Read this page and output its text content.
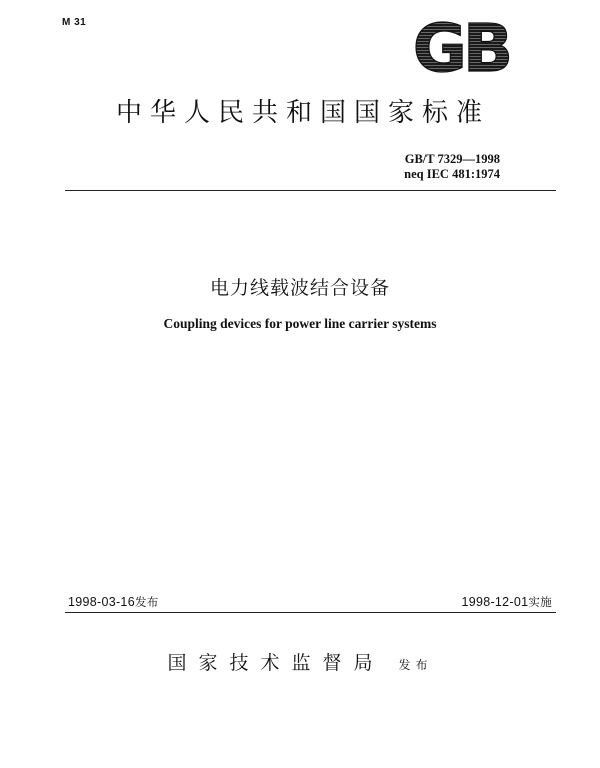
M 31	GB
中华人民共和国国家标准
GB/T 7329—1998
neq IEC 481:1974
电力线载波结合设备
Coupling devices for power line carrier systems
1998-03-16发布	1998-12-01实施
国家技术监督局 发布
